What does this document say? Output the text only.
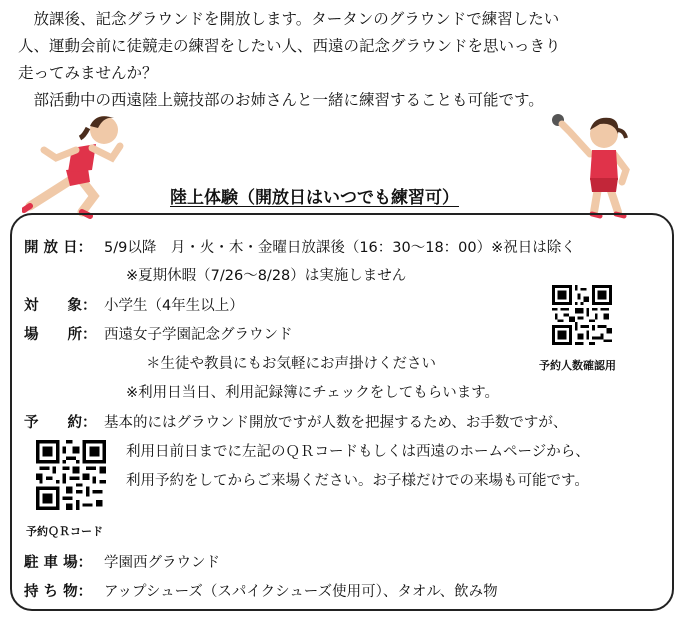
　放課後、記念グラウンドを開放します。タータンのグラウンドで練習したい

人、運動会前に徒競走の練習をしたい人、西遠の記念グラウンドを思いっきり

走ってみませんか？

　部活動中の西遠陸上競技部のお姉さんと一緒に練習することも可能です。

陸上体験（開放日はいつでも練習可）
開 放 日： 5/9以降　月・火・木・金曜日放課後（16：30～18：00）※祝日は除く
※夏期休暇（7/26～8/28）は実施しません
対　　象： 小学生（4年生以上）
場　　所： 西遠女子学園記念グラウンド
＊生徒や教員にもお気軽にお声掛けください
※利用日当日、利用記録簿にチェックをしてもらいます。
予　　約： 基本的にはグラウンド開放ですが人数を把握するため、お手数ですが、
利用日前日までに左記のＱＲコードもしくは西遠のホームページから、
利用予約をしてからご来場ください。お子様だけでの来場も可能です。
駐 車 場： 学園西グラウンド
持 ち 物： アップシューズ（スパイクシューズ使用可）、タオル、飲み物
予約人数確認用
予約ＱＲコード
